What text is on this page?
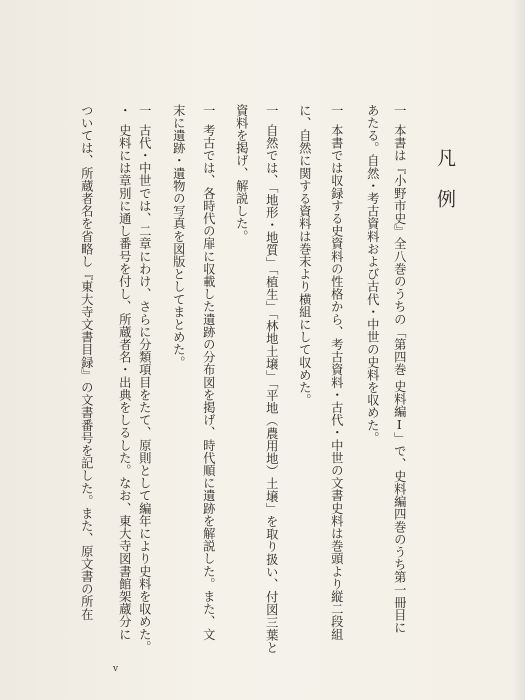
凡例
一
一
一
一
一
・
本書は『小野市史』全八巻のうちの「第四巻 史料編Ⅰ」で、史料編四巻のうち第一冊目に
あたる。自然・考古資料および古代・中世の史料を収めた。
本書では収録する史資料の性格から、考古資料・古代・中世の文書史料は巻頭より縦二段組
に、自然に関する資料は巻末より横組にして収めた。
自然では、「地形・地質」「植生」「林地土壌」「平地（農用地）土壌」を取り扱い、付図三葉と
資料を掲げ、解説した。
考古では、各時代の扉に収載した遺跡の分布図を掲げ、時代順に遺跡を解説した。また、文
末に遺跡・遺物の写真を図版としてまとめた。
古代・中世では、二章にわけ、さらに分類項目をたて、原則として編年により史料を収めた。
史料には章別に通し番号を付し、所蔵者名・出典をしるした。なお、東大寺図書館架蔵分に
ついては、所蔵者名を省略し『東大寺文書目録』の文書番号を記した。また、原文書の所在
v
